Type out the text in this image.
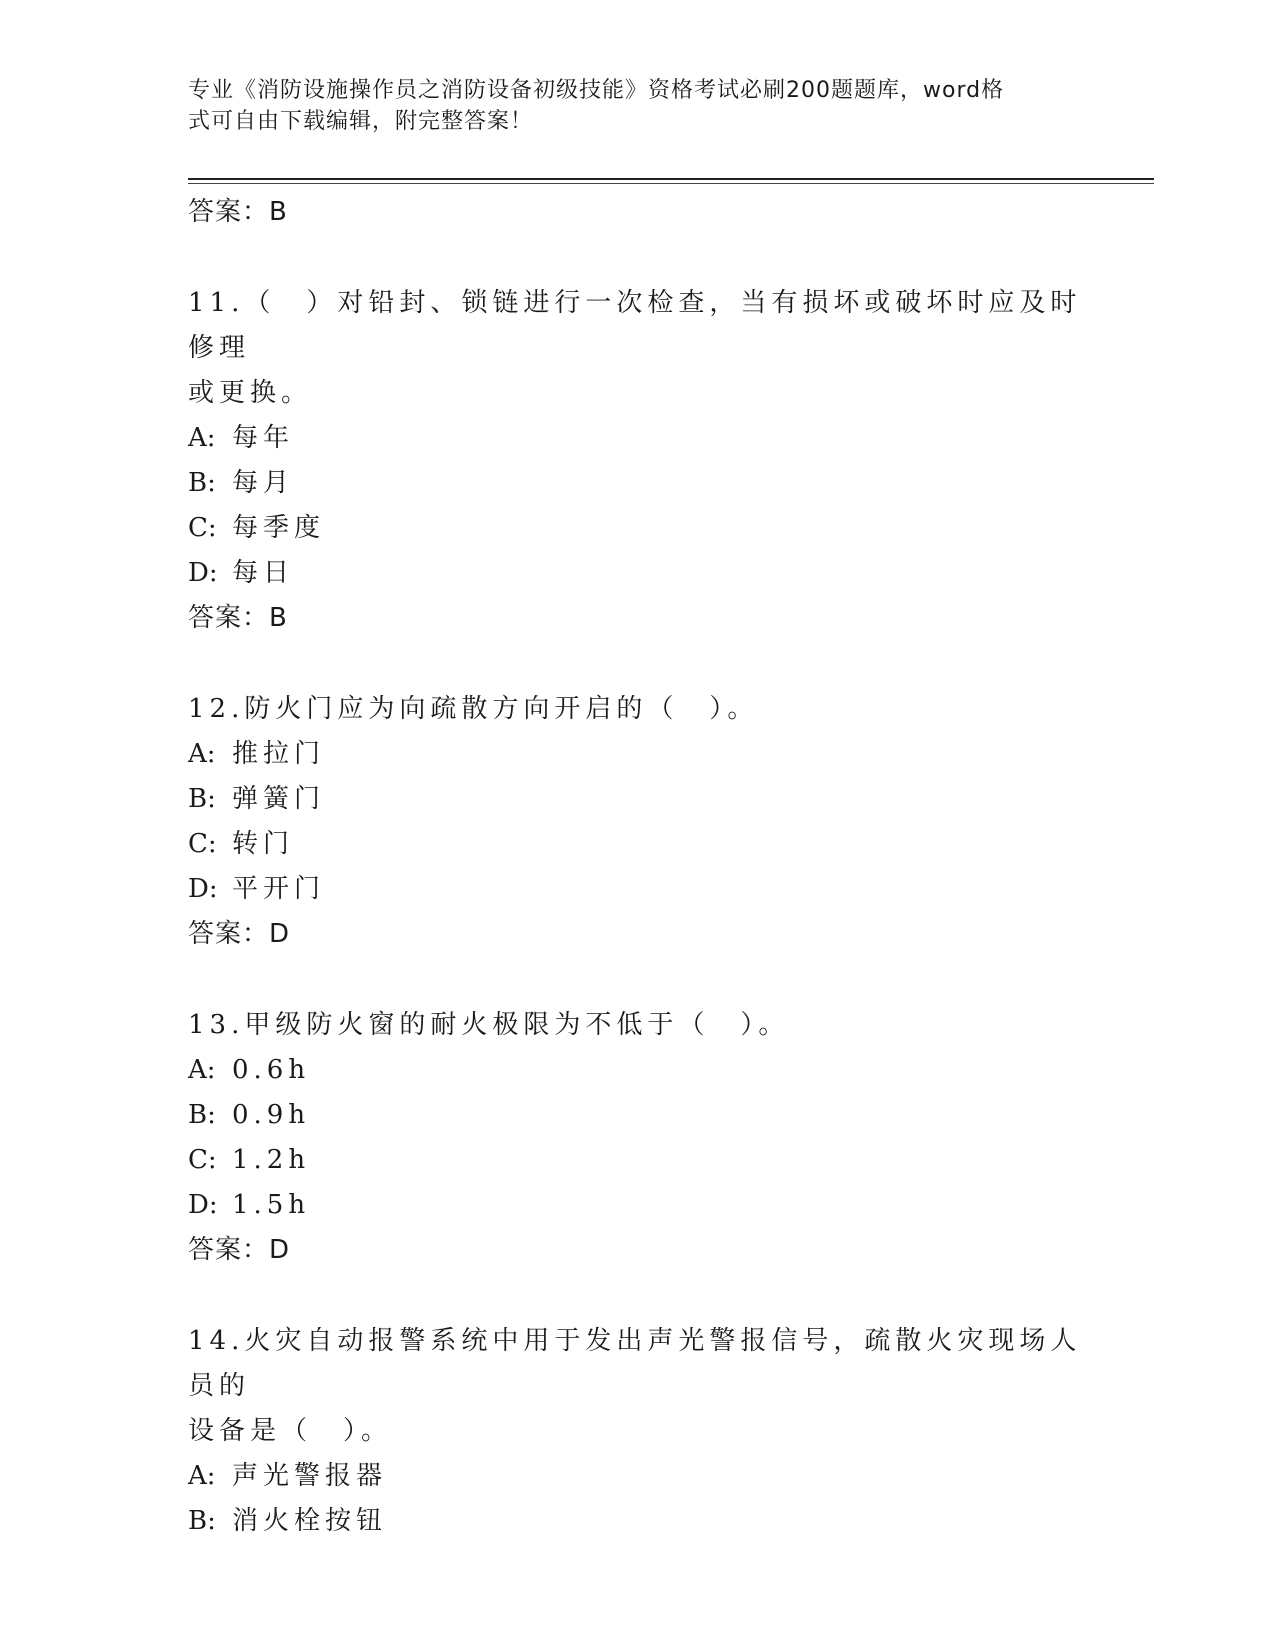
专业《消防设施操作员之消防设备初级技能》资格考试必刷200题题库，word格
式可自由下载编辑，附完整答案！
答案：B
11.（　）对铅封、锁链进行一次检查，当有损坏或破坏时应及时修理
或更换。
A: 每年
B: 每月
C: 每季度
D: 每日
答案：B
12.防火门应为向疏散方向开启的（　）。
A: 推拉门
B: 弹簧门
C: 转门
D: 平开门
答案：D
13.甲级防火窗的耐火极限为不低于（　）。
A: 0.6h
B: 0.9h
C: 1.2h
D: 1.5h
答案：D
14.火灾自动报警系统中用于发出声光警报信号，疏散火灾现场人员的
设备是（　）。
A: 声光警报器
B: 消火栓按钮
